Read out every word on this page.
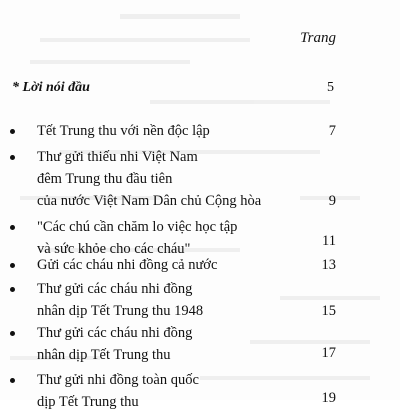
Trang
* Lời nói đầu	5
Tết Trung thu với nền độc lập	7
Thư gửi thiếu nhi Việt Nam
đêm Trung thu đầu tiên
của nước Việt Nam Dân chủ Cộng hòa	9
"Các chú cần chăm lo việc học tập
và sức khỏe cho các cháu"	11
Gửi các cháu nhi đồng cả nước	13
Thư gửi các cháu nhi đồng
nhân dịp Tết Trung thu 1948	15
Thư gửi các cháu nhi đồng
nhân dịp Tết Trung thu	17
Thư gửi nhi đồng toàn quốc
dịp Tết Trung thu	19
